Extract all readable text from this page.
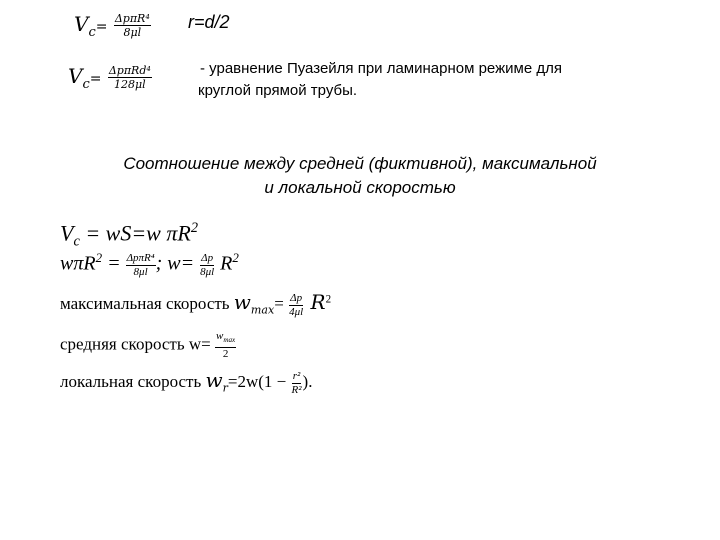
$V_c= \frac{\text{ΔpπR⁴}}{8\mu l} r=d/2$
$V_c= \frac{\text{ΔpπRd⁴}}{128\mu l}$	- уравнение Пуазейля при ламинарном режиме для
круглой прямой трубы.
Соотношение между средней (фиктивной), максимальной
и локальной скоростью
$V_c = wS=w$ $\pi R^2$
$w\pi R^2 = \frac{\text{ΔpπR⁴}}{8\mu l}$ ; $w= \frac{\Delta p}{8\mu l} R^2$
максимальная скорость $w_{max}= \frac{\Delta p}{4\mu l} R^2$
средняя скорость $w= \frac{w_{max}}{2}$
локальная скорость $w_r=2w(1 - \frac{\text{r²}}{\text{R²}}$ ).
